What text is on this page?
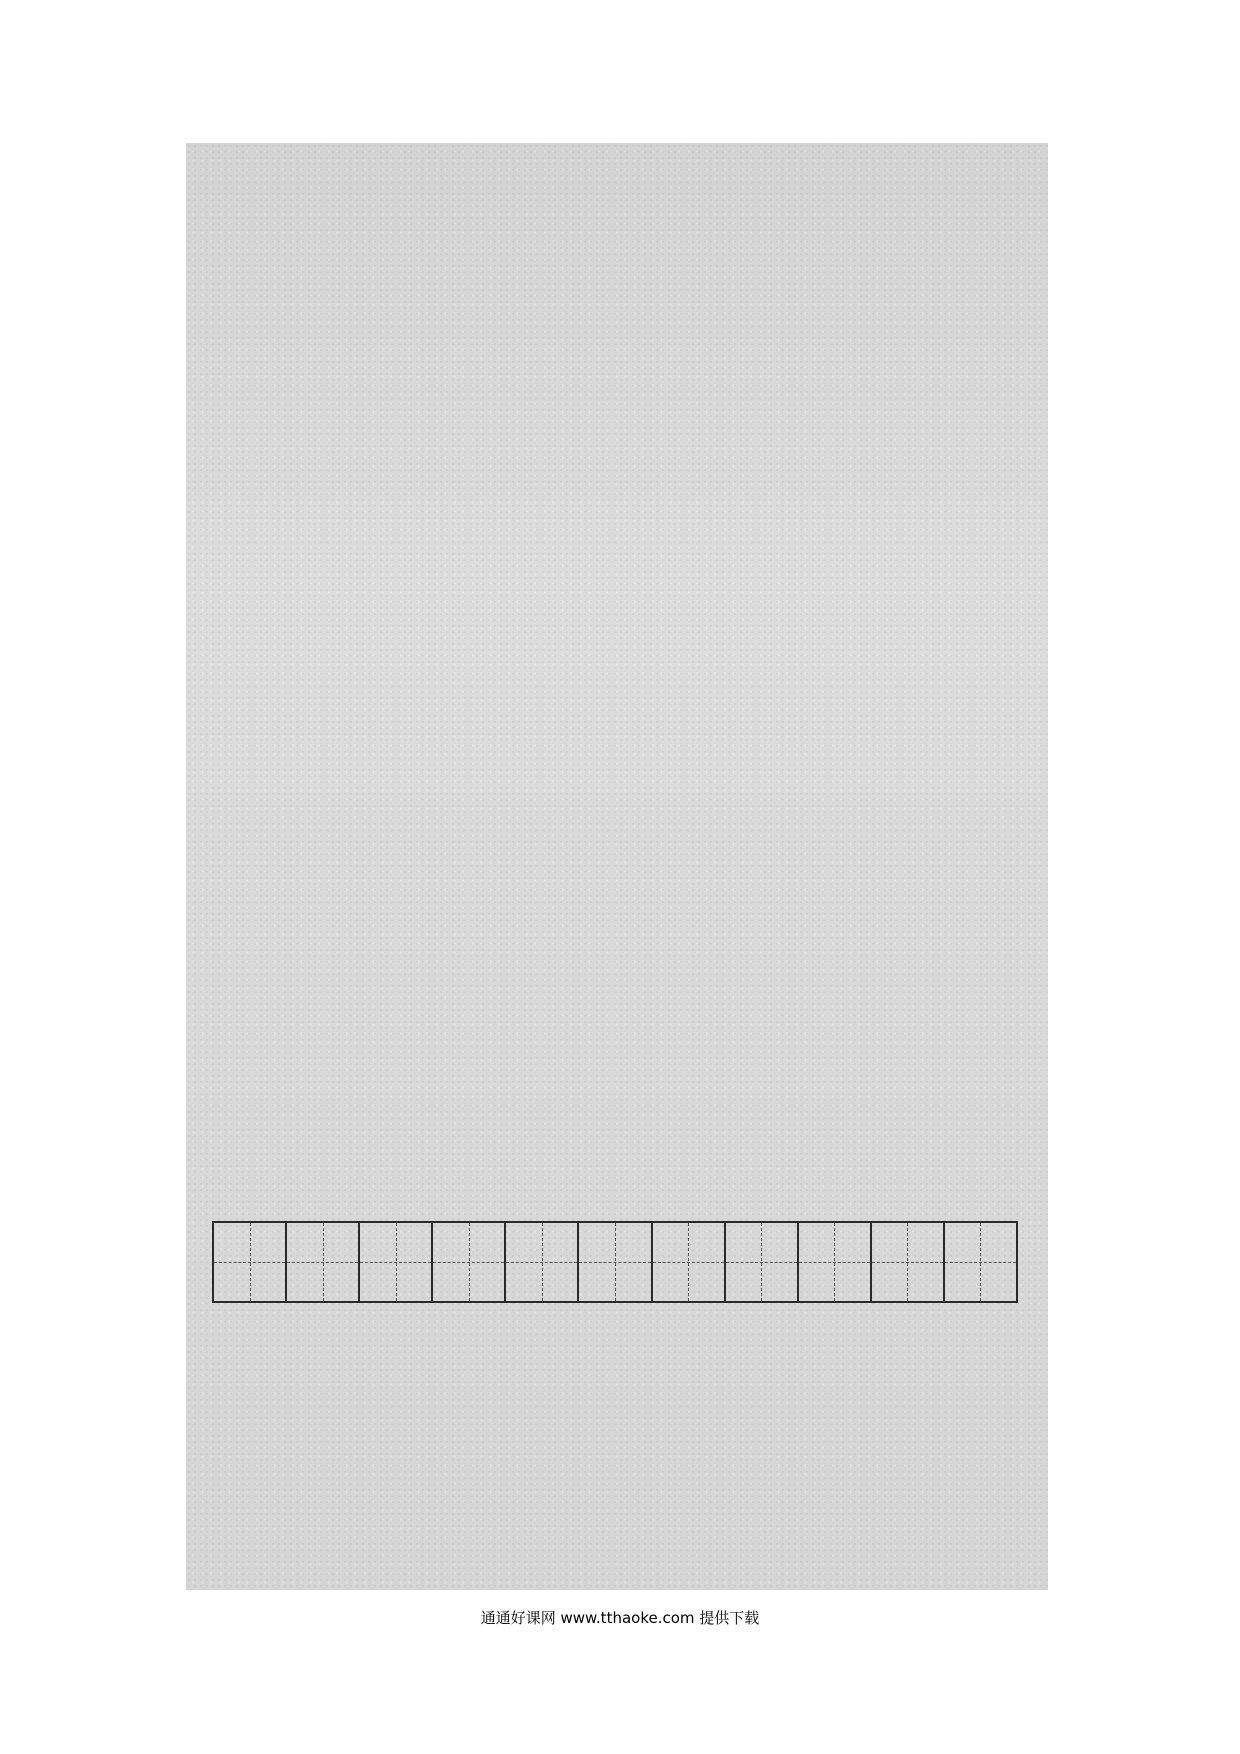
通通好课网 www.tthaoke.com 提供下载
